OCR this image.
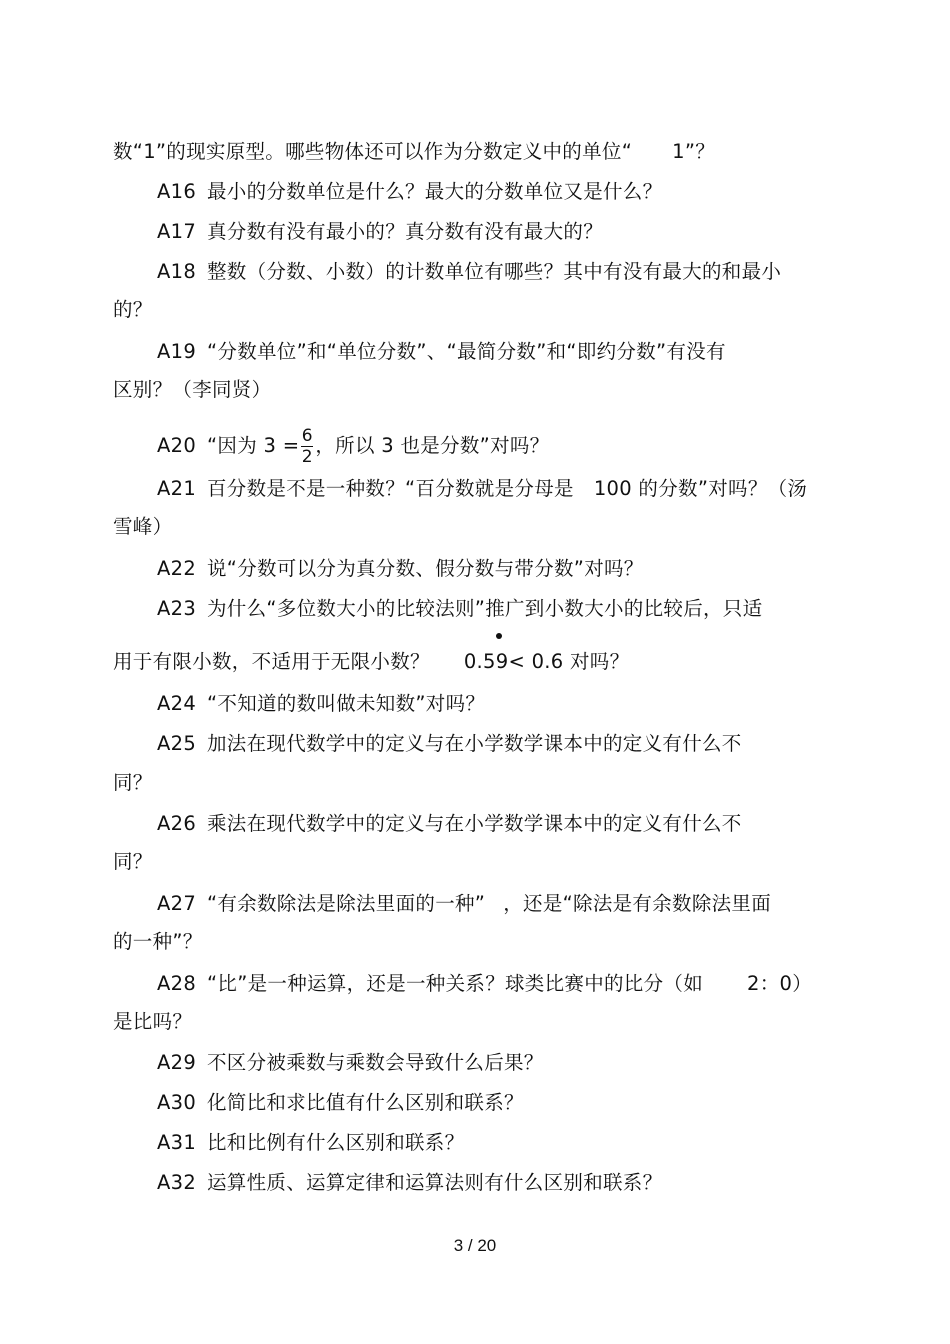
数“1”的现实原型。哪些物体还可以作为分数定义中的单位“ 1”？
A16 最小的分数单位是什么？最大的分数单位又是什么？
A17 真分数有没有最小的？真分数有没有最大的？
A18 整数（分数、小数）的计数单位有哪些？其中有没有最大的和最小
的？
A19 “分数单位”和“单位分数”、“最简分数”和“即约分数”有没有
区别？（李同贤）
A20 “因为 $3 = \frac{6}{2}$ ，所以 3 也是分数”对吗？
A21 百分数是不是一种数？“百分数就是分母是 100 的分数”对吗？（汤
雪峰）
A22 说“分数可以分为真分数、假分数与带分数”对吗？
A23 为什么“多位数大小的比较法则”推广到小数大小的比较后，只适
用于有限小数，不适用于无限小数？ 0.59< 0.6 对吗？
A24 “不知道的数叫做未知数”对吗？
A25 加法在现代数学中的定义与在小学数学课本中的定义有什么不
同？
A26 乘法在现代数学中的定义与在小学数学课本中的定义有什么不
同？
A27 “有余数除法是除法里面的一种” ，还是“除法是有余数除法里面
的一种”？
A28 “比”是一种运算，还是一种关系？球类比赛中的比分（如 2：0）
是比吗？
A29 不区分被乘数与乘数会导致什么后果？
A30 化简比和求比值有什么区别和联系？
A31 比和比例有什么区别和联系？
A32 运算性质、运算定律和运算法则有什么区别和联系？
3 / 20
